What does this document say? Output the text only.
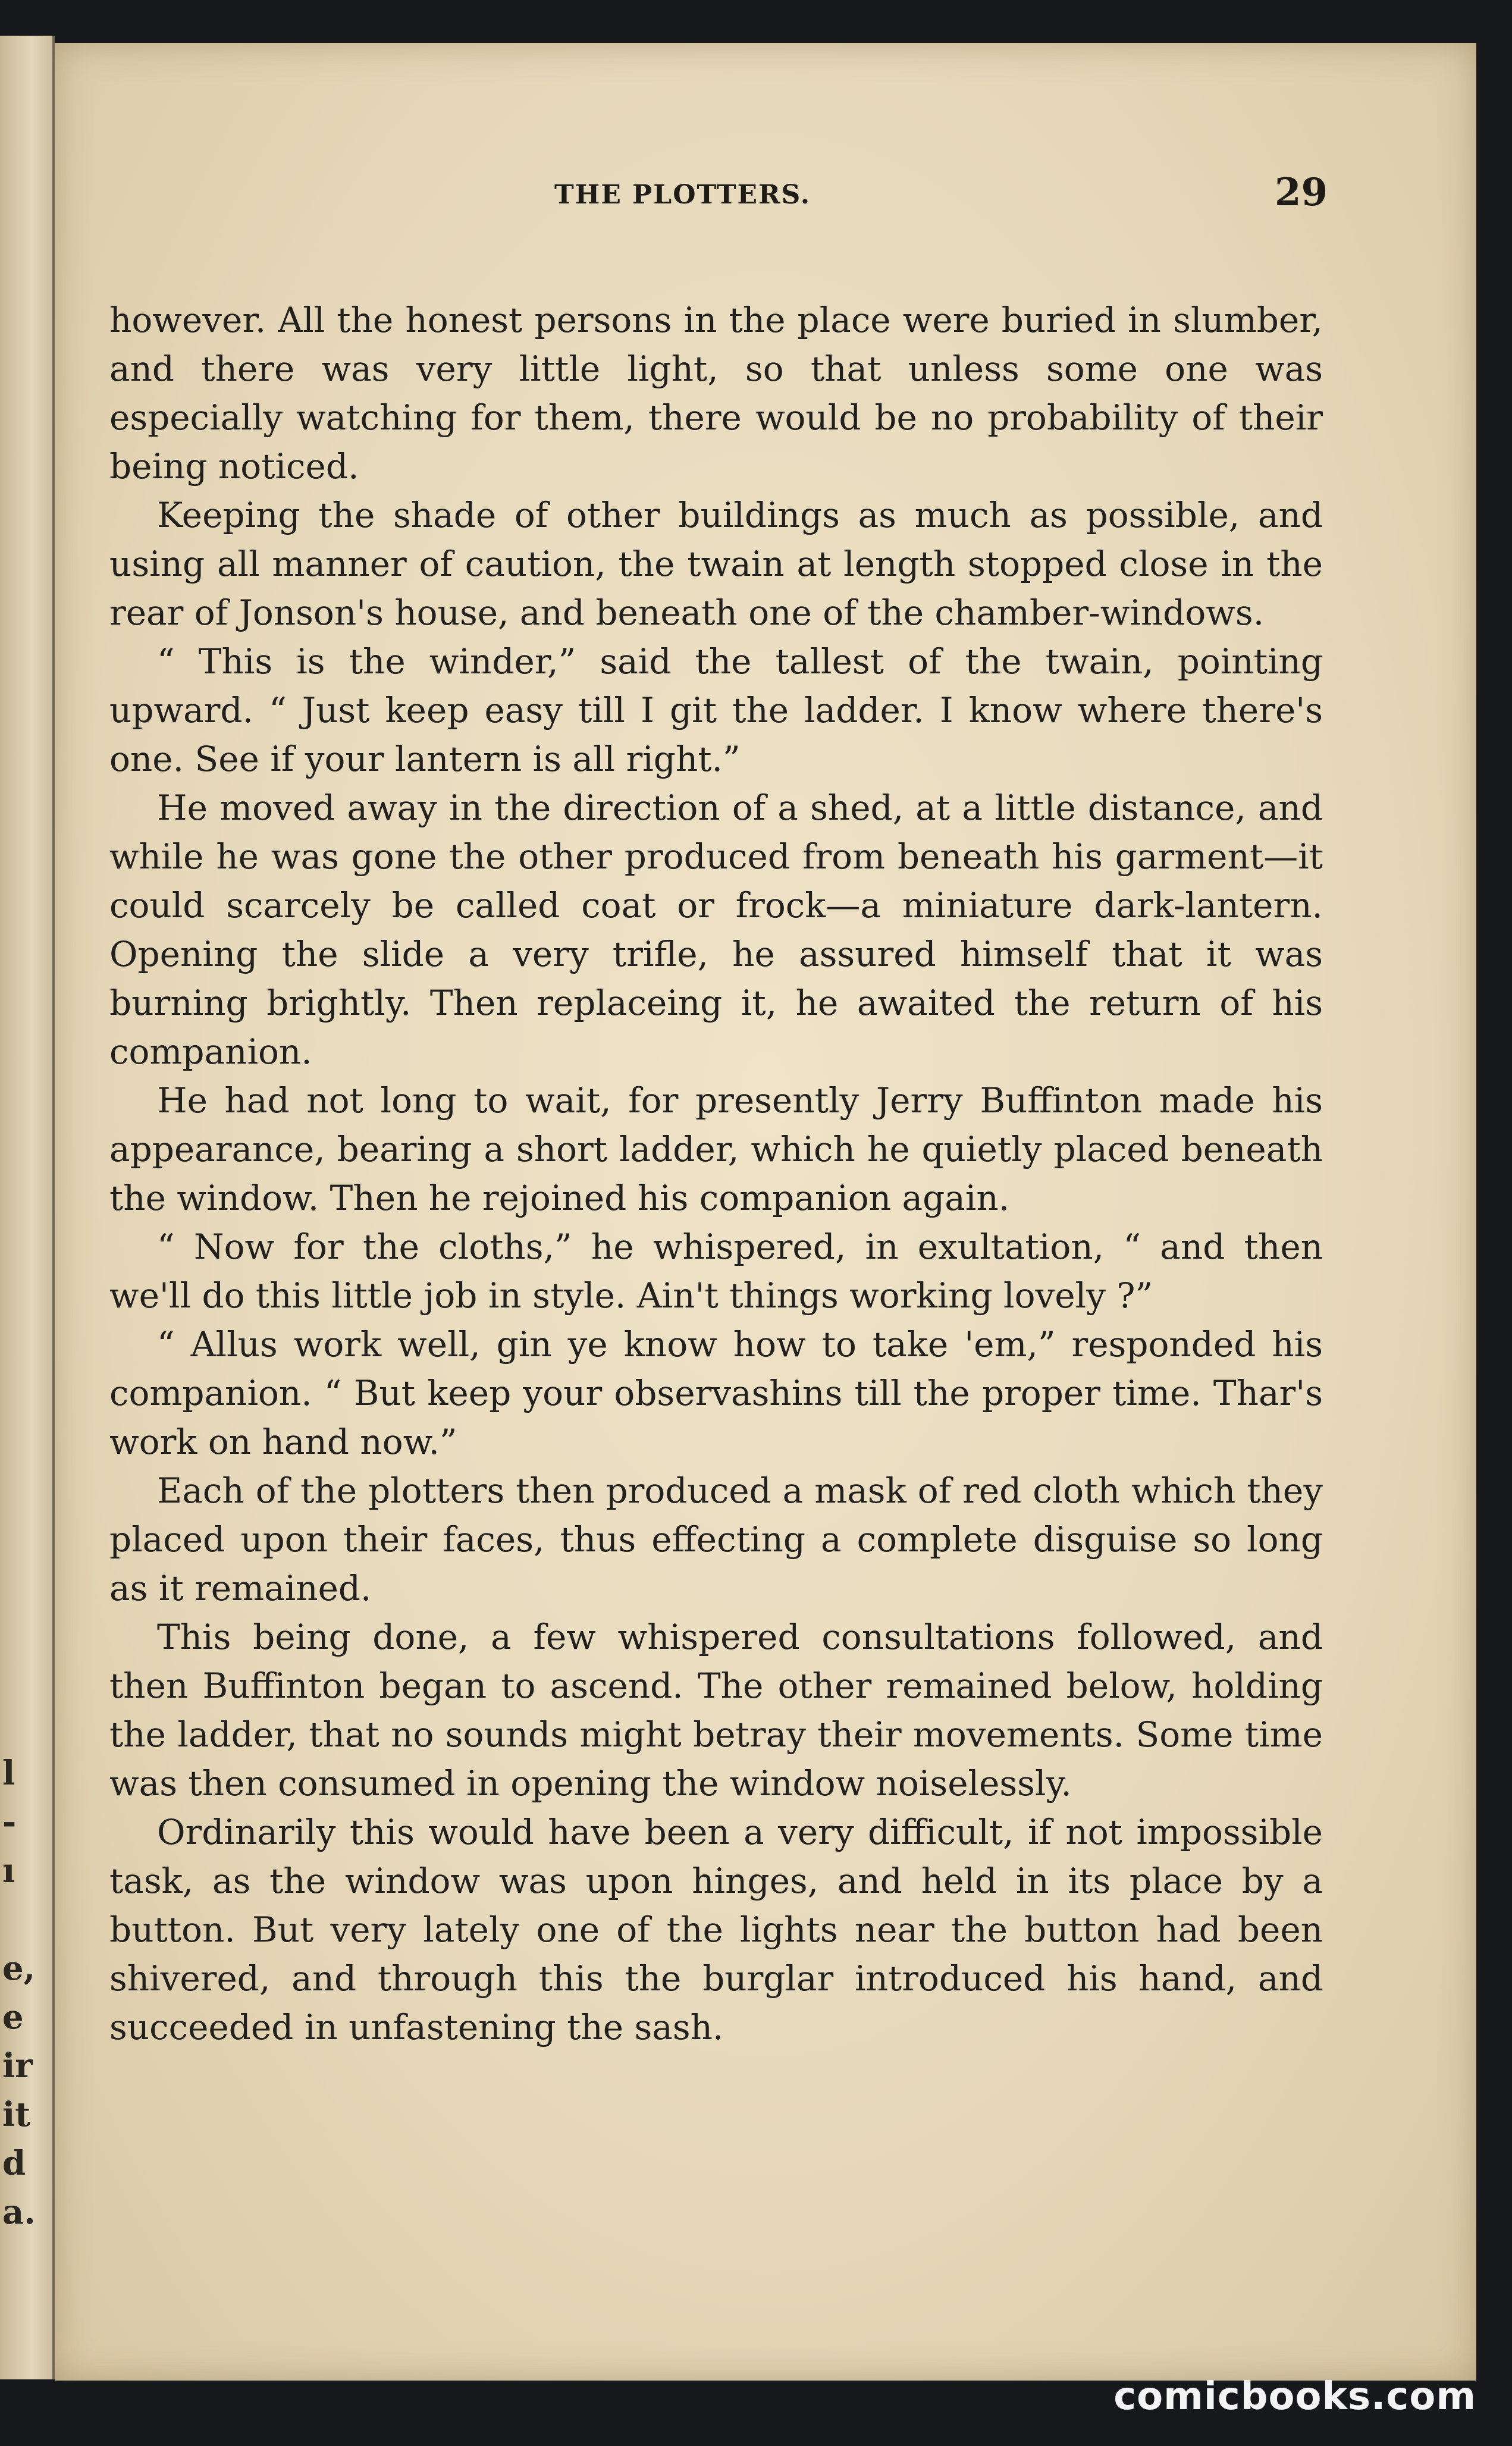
l
-
ı
e,
e
ir
it
d
a.
THE PLOTTERS.	29

however. All the honest persons in the place were buried in slumber, and there was very little light, so that unless some one was especially watching for them, there would be no probability of their being noticed.

Keeping the shade of other buildings as much as possible, and using all manner of caution, the twain at length stopped close in the rear of Jonson's house, and beneath one of the chamber-windows.

“ This is the winder,” said the tallest of the twain, pointing upward. “ Just keep easy till I git the ladder. I know where there's one. See if your lantern is all right.”

He moved away in the direction of a shed, at a little distance, and while he was gone the other produced from beneath his garment—it could scarcely be called coat or frock—a miniature dark-lantern. Opening the slide a very trifle, he assured himself that it was burning brightly. Then replaceing it, he awaited the return of his companion.

He had not long to wait, for presently Jerry Buffinton made his appearance, bearing a short ladder, which he quietly placed beneath the window. Then he rejoined his companion again.

“ Now for the cloths,” he whispered, in exultation, “ and then we'll do this little job in style. Ain't things working lovely ?”

“ Allus work well, gin ye know how to take 'em,” responded his companion. “ But keep your observashins till the proper time. Thar's work on hand now.”

Each of the plotters then produced a mask of red cloth which they placed upon their faces, thus effecting a complete disguise so long as it remained.

This being done, a few whispered consultations followed, and then Buffinton began to ascend. The other remained below, holding the ladder, that no sounds might betray their movements. Some time was then consumed in opening the window noiselessly.

Ordinarily this would have been a very difficult, if not impossible task, as the window was upon hinges, and held in its place by a button. But very lately one of the lights near the button had been shivered, and through this the burglar introduced his hand, and succeeded in unfastening the sash.

comicbooks.com
